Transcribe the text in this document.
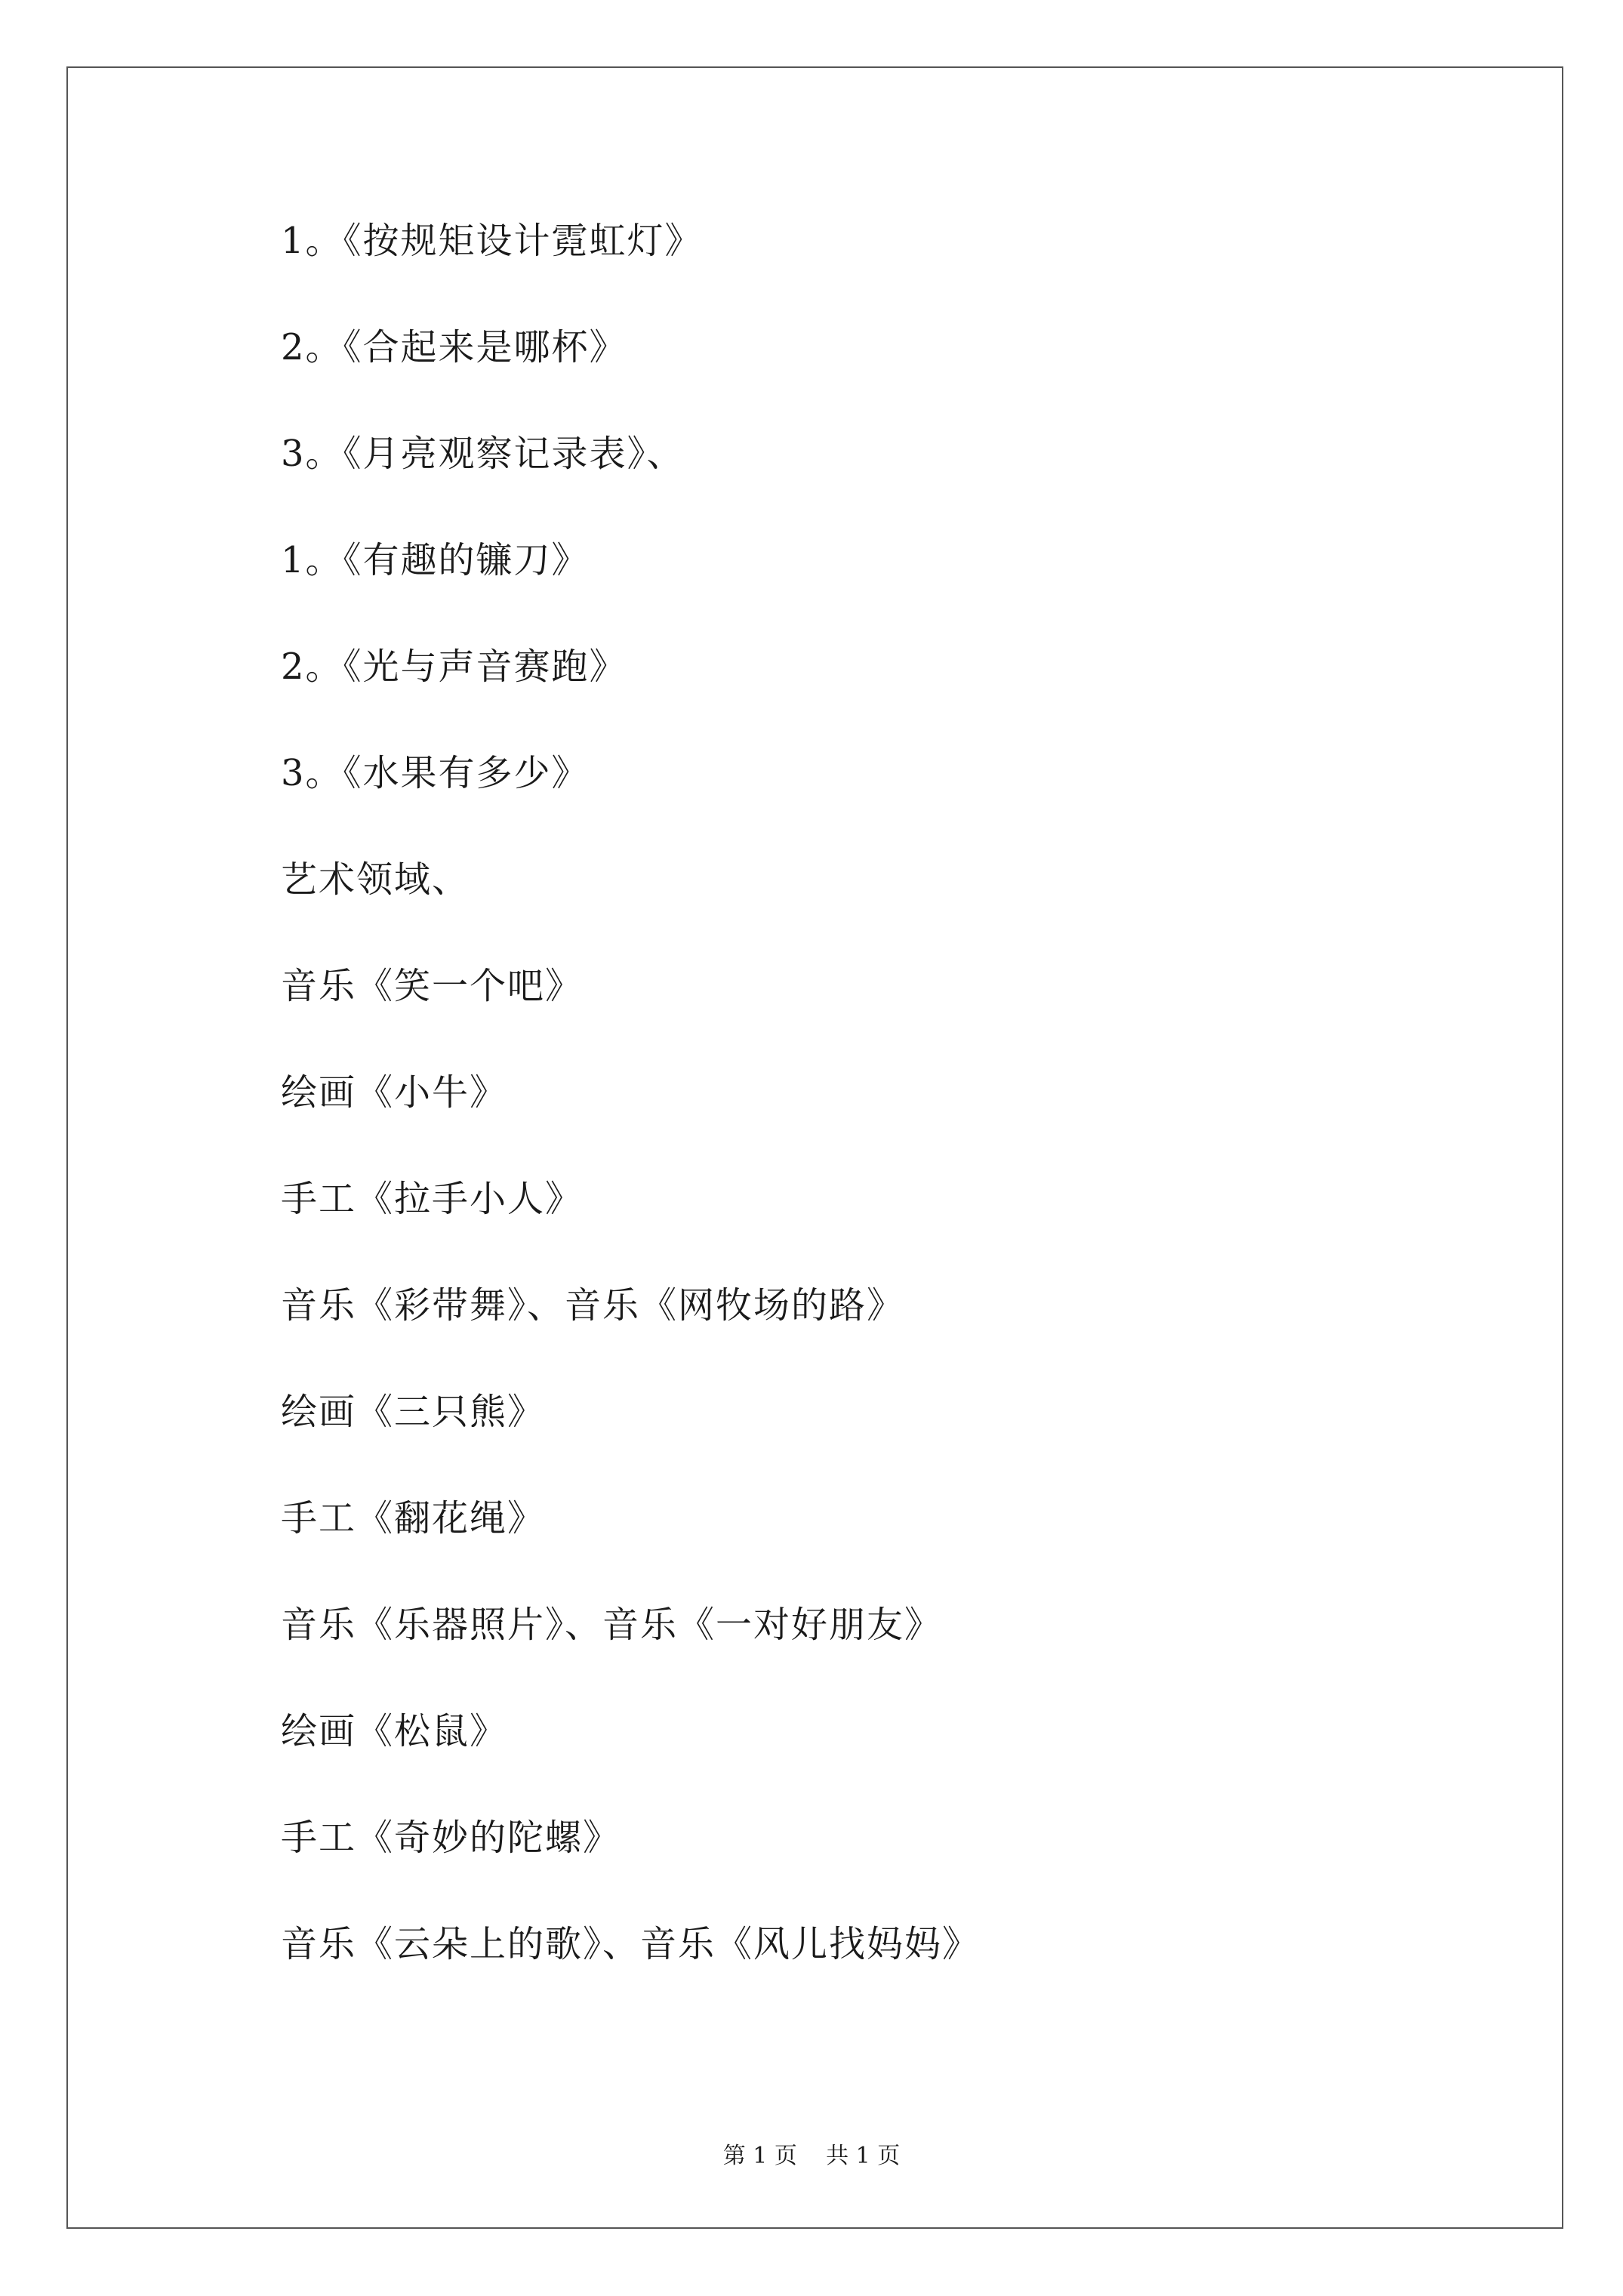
1。《按规矩设计霓虹灯》
2。《合起来是哪杯》
3。《月亮观察记录表》、
1。《有趣的镰刀》
2。《光与声音赛跑》
3。《水果有多少》
艺术领域、
音乐《笑一个吧》
绘画《小牛》
手工《拉手小人》
音乐《彩带舞》、音乐《网牧场的路》
绘画《三只熊》
手工《翻花绳》
音乐《乐器照片》、音乐《一对好朋友》
绘画《松鼠》
手工《奇妙的陀螺》
音乐《云朵上的歌》、音乐《风儿找妈妈》
第 1 页    共 1 页
